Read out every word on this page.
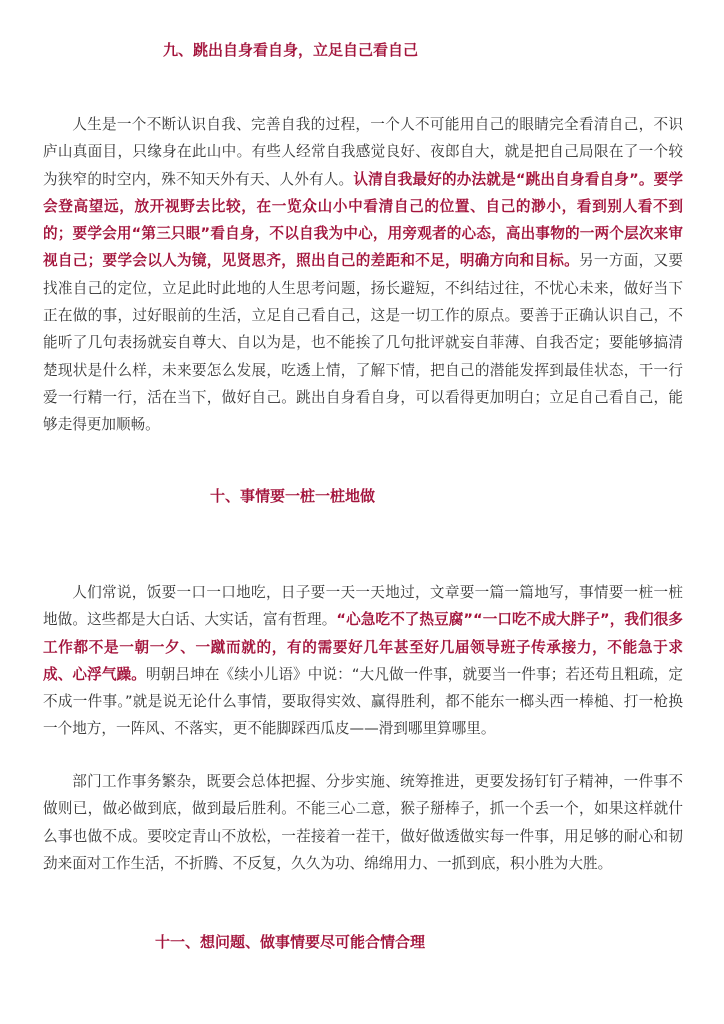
九、跳出自身看自身，立足自己看自己

人生是一个不断认识自我、完善自我的过程，一个人不可能用自己的眼睛完全看清自己，不识庐山真面目，只缘身在此山中。有些人经常自我感觉良好、夜郎自大，就是把自己局限在了一个较为狭窄的时空内，殊不知天外有天、人外有人。认清自我最好的办法就是“跳出自身看自身”。要学会登高望远，放开视野去比较，在一览众山小中看清自己的位置、自己的渺小，看到别人看不到的；要学会用“第三只眼”看自身，不以自我为中心，用旁观者的心态，高出事物的一两个层次来审视自己；要学会以人为镜，见贤思齐，照出自己的差距和不足，明确方向和目标。另一方面，又要找准自己的定位，立足此时此地的人生思考问题，扬长避短，不纠结过往，不忧心未来，做好当下正在做的事，过好眼前的生活，立足自己看自己，这是一切工作的原点。要善于正确认识自己，不能听了几句表扬就妄自尊大、自以为是，也不能挨了几句批评就妄自菲薄、自我否定；要能够搞清楚现状是什么样，未来要怎么发展，吃透上情，了解下情，把自己的潜能发挥到最佳状态，干一行爱一行精一行，活在当下，做好自己。跳出自身看自身，可以看得更加明白；立足自己看自己，能够走得更加顺畅。

十、事情要一桩一桩地做

人们常说，饭要一口一口地吃，日子要一天一天地过，文章要一篇一篇地写，事情要一桩一桩地做。这些都是大白话、大实话，富有哲理。“心急吃不了热豆腐”“一口吃不成大胖子”，我们很多工作都不是一朝一夕、一蹴而就的，有的需要好几年甚至好几届领导班子传承接力，不能急于求成、心浮气躁。明朝吕坤在《续小儿语》中说：“大凡做一件事，就要当一件事；若还苟且粗疏，定不成一件事。”就是说无论什么事情，要取得实效、赢得胜利，都不能东一榔头西一棒槌、打一枪换一个地方，一阵风、不落实，更不能脚踩西瓜皮——滑到哪里算哪里。

部门工作事务繁杂，既要会总体把握、分步实施、统筹推进，更要发扬钉钉子精神，一件事不做则已，做必做到底，做到最后胜利。不能三心二意，猴子掰棒子，抓一个丢一个，如果这样就什么事也做不成。要咬定青山不放松，一茬接着一茬干，做好做透做实每一件事，用足够的耐心和韧劲来面对工作生活，不折腾、不反复，久久为功、绵绵用力、一抓到底，积小胜为大胜。

十一、想问题、做事情要尽可能合情合理
